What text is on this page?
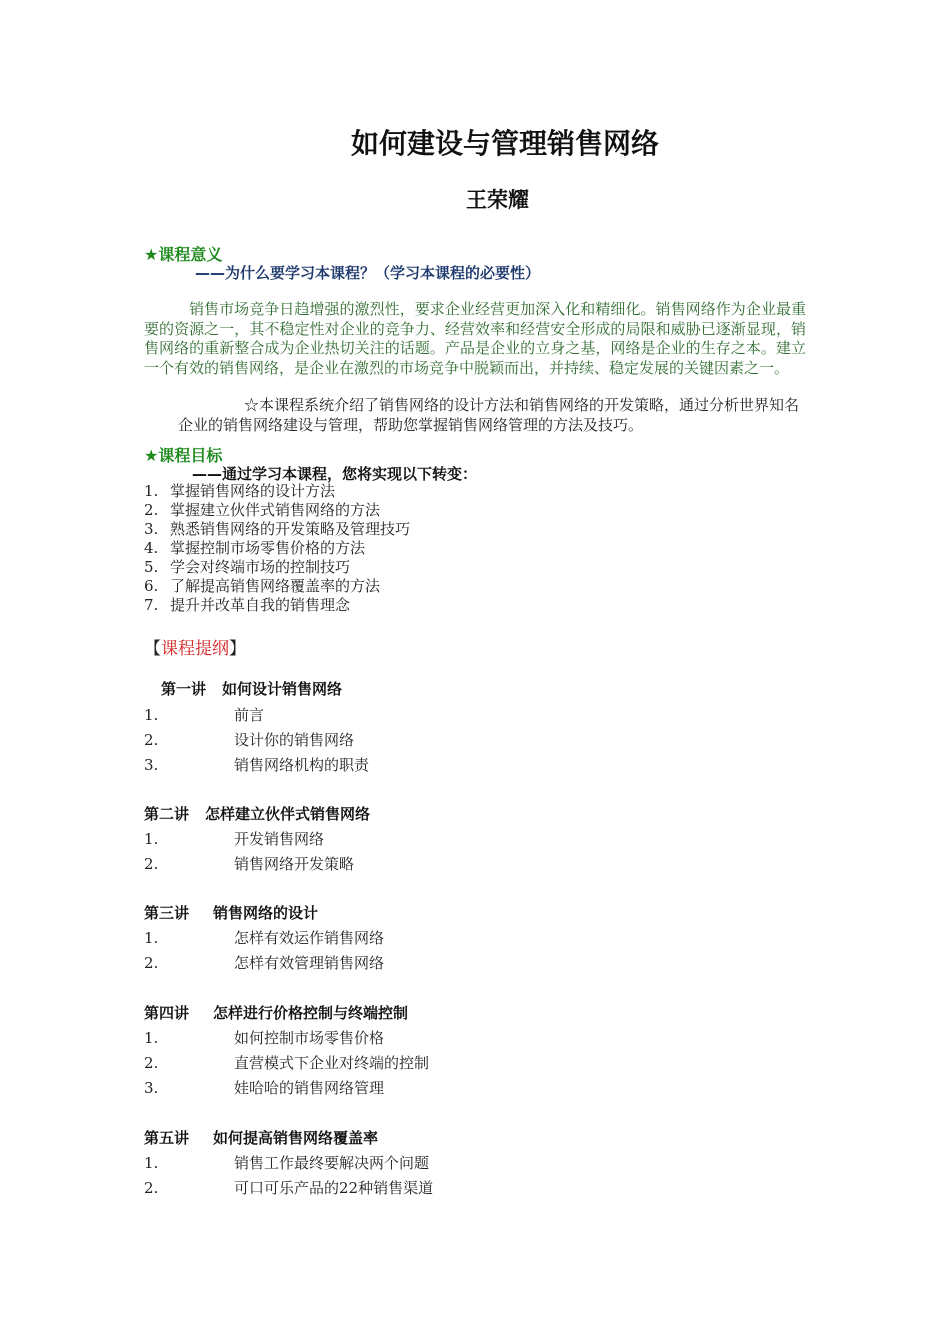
如何建设与管理销售网络
王荣耀
★课程意义
——为什么要学习本课程？（学习本课程的必要性）

销售市场竞争日趋增强的激烈性，要求企业经营更加深入化和精细化。销售网络作为企业最重要的资源之一，其不稳定性对企业的竞争力、经营效率和经营安全形成的局限和威胁已逐渐显现，销售网络的重新整合成为企业热切关注的话题。产品是企业的立身之基，网络是企业的生存之本。建立一个有效的销售网络，是企业在激烈的市场竞争中脱颖而出，并持续、稳定发展的关键因素之一。

☆本课程系统介绍了销售网络的设计方法和销售网络的开发策略，通过分析世界知名企业的销售网络建设与管理，帮助您掌握销售网络管理的方法及技巧。

★课程目标
——通过学习本课程，您将实现以下转变：
1. 掌握销售网络的设计方法
2. 掌握建立伙伴式销售网络的方法
3. 熟悉销售网络的开发策略及管理技巧
4. 掌握控制市场零售价格的方法
5. 学会对终端市场的控制技巧
6. 了解提高销售网络覆盖率的方法
7. 提升并改革自我的销售理念
【课程提纲】
第一讲 如何设计销售网络
1.	前言
2.	设计你的销售网络
3.	销售网络机构的职责
第二讲 怎样建立伙伴式销售网络
1.	开发销售网络
2.	销售网络开发策略
第三讲 销售网络的设计
1.	怎样有效运作销售网络
2.	怎样有效管理销售网络
第四讲 怎样进行价格控制与终端控制
1.	如何控制市场零售价格
2.	直营模式下企业对终端的控制
3.	娃哈哈的销售网络管理
第五讲 如何提高销售网络覆盖率
1.	销售工作最终要解决两个问题
2.	可口可乐产品的22种销售渠道
